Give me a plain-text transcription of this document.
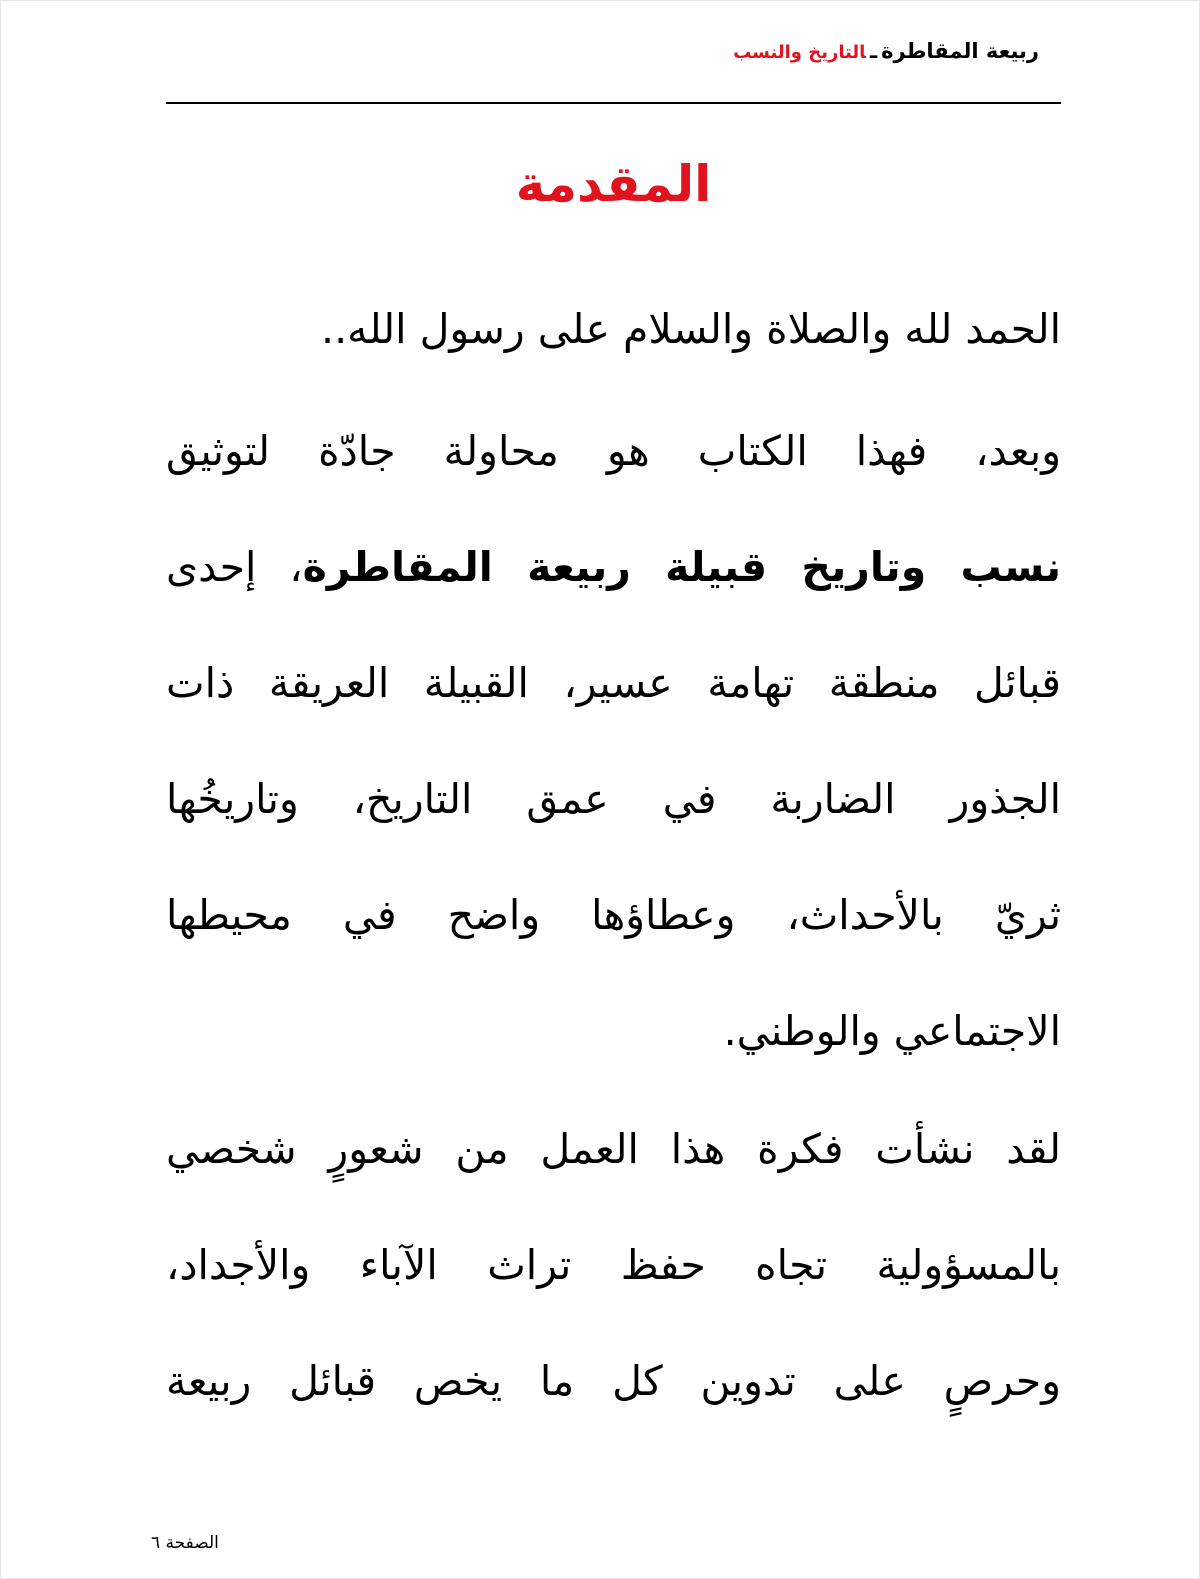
ربيعة المقاطرةـالتاريخ والنسب
المقدمة
الحمد لله والصلاة والسلام على رسول الله..
وبعد، فهذا الكتاب هو محاولة جادّة لتوثيق
نسب وتاريخ قبيلة ربيعة المقاطرة، إحدى
قبائل منطقة تهامة عسير، القبيلة العريقة ذات
الجذور الضاربة في عمق التاريخ، وتاريخُها
ثريّ بالأحداث، وعطاؤها واضح في محيطها
الاجتماعي والوطني.
لقد نشأت فكرة هذا العمل من شعورٍ شخصي
بالمسؤولية تجاه حفظ تراث الآباء والأجداد،
وحرصٍ على تدوين كل ما يخص قبائل ربيعة
الصفحة ٦
